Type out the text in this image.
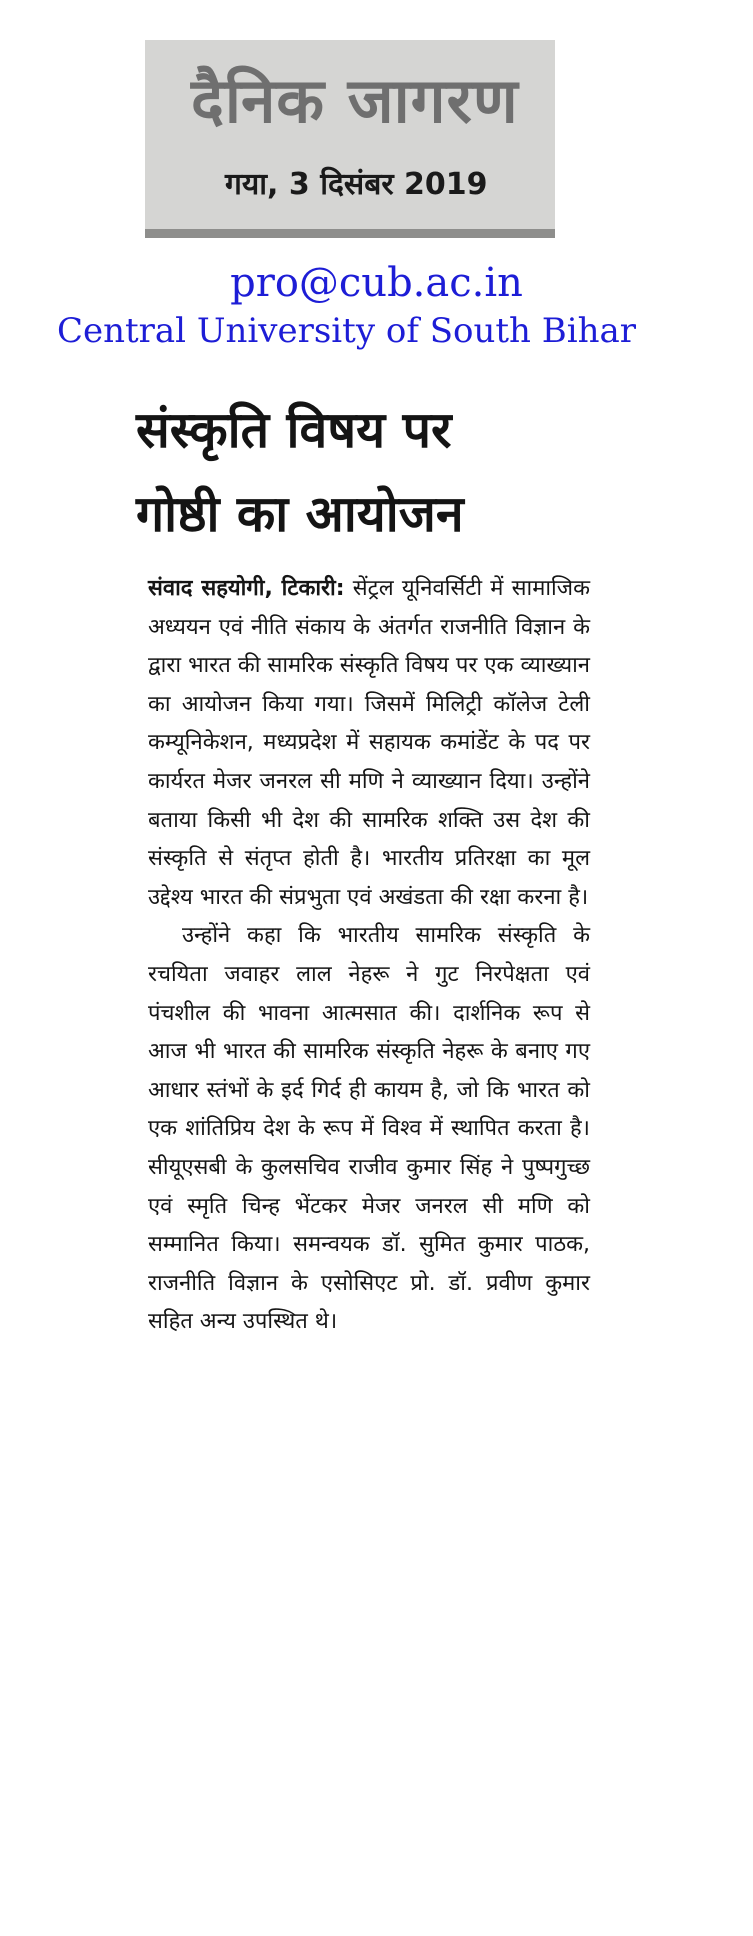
दैनिक जागरण
गया, 3 दिसंबर 2019
pro@cub.ac.in
Central University of South Bihar
संस्कृति विषय पर
गोष्ठी का आयोजन

संवाद सहयोगी, टिकारी: सेंट्रल यूनिवर्सिटी में सामाजिक अध्ययन एवं नीति संकाय के अंतर्गत राजनीति विज्ञान के द्वारा भारत की सामरिक संस्कृति विषय पर एक व्याख्यान का आयोजन किया गया। जिसमें मिलिट्री कॉलेज टेली कम्यूनिकेशन, मध्यप्रदेश में सहायक कमांडेंट के पद पर कार्यरत मेजर जनरल सी मणि ने व्याख्यान दिया। उन्होंने बताया किसी भी देश की सामरिक शक्ति उस देश की संस्कृति से संतृप्त होती है। भारतीय प्रतिरक्षा का मूल उद्देश्य भारत की संप्रभुता एवं अखंडता की रक्षा करना है।

उन्होंने कहा कि भारतीय सामरिक संस्कृति के रचयिता जवाहर लाल नेहरू ने गुट निरपेक्षता एवं पंचशील की भावना आत्मसात की। दार्शनिक रूप से आज भी भारत की सामरिक संस्कृति नेहरू के बनाए गए आधार स्तंभों के इर्द गिर्द ही कायम है, जो कि भारत को एक शांतिप्रिय देश के रूप में विश्व में स्थापित करता है। सीयूएसबी के कुलसचिव राजीव कुमार सिंह ने पुष्पगुच्छ एवं स्मृति चिन्ह भेंटकर मेजर जनरल सी मणि को सम्मानित किया। समन्वयक डॉ. सुमित कुमार पाठक, राजनीति विज्ञान के एसोसिएट प्रो. डॉ. प्रवीण कुमार सहित अन्य उपस्थित थे।
